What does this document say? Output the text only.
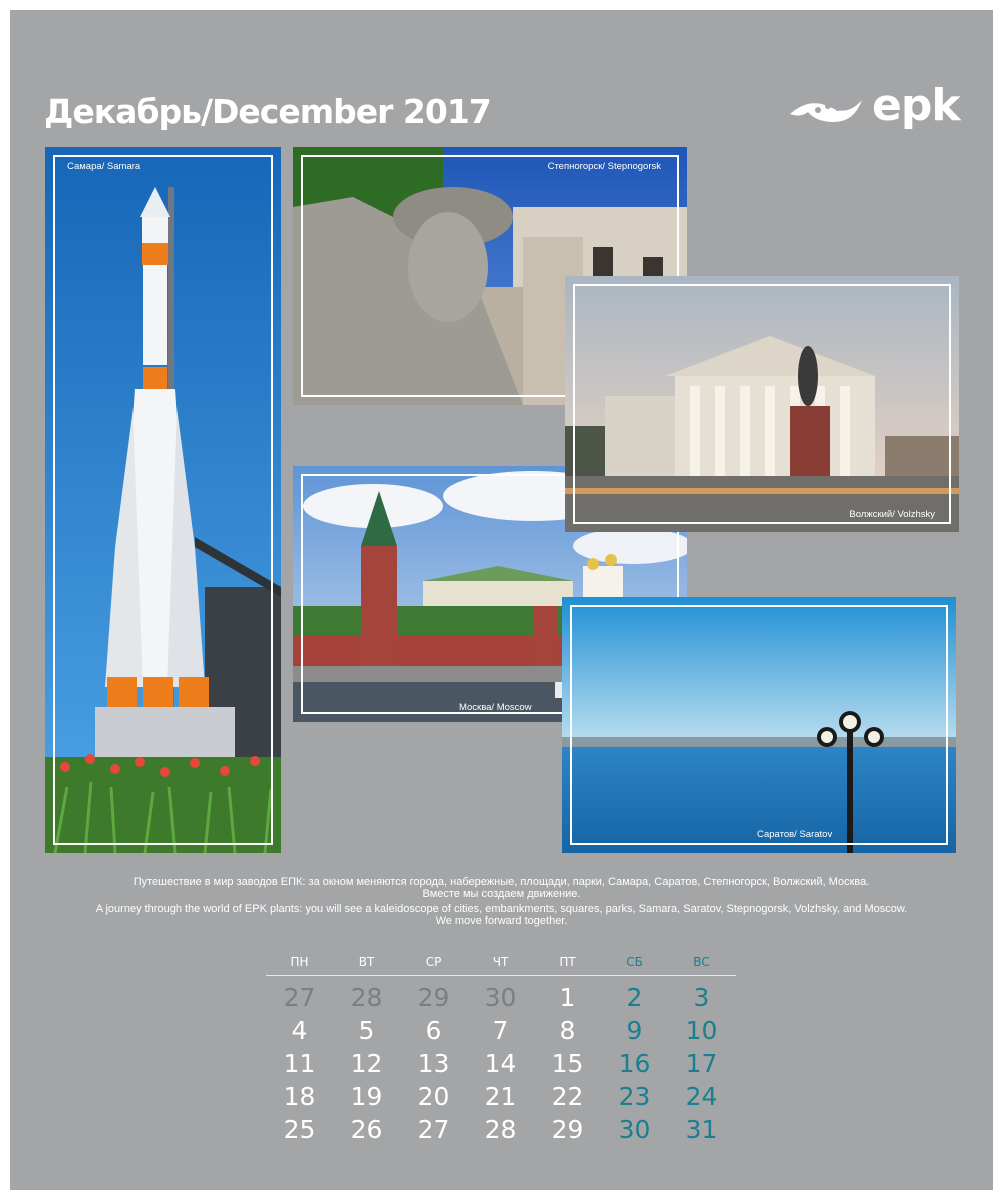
Декабрь/December 2017	epk
Самара/ Samara	Степногорск/ Stepnogorsk
Москва/ Moscow
Волжский/ Volzhsky
Саратов/ Saratov
Путешествие в мир заводов ЕПК: за окном меняются города, набережные, площади, парки, Самара, Саратов, Степногорск, Волжский, Москва.
Вместе мы создаем движение.
A journey through the world of EPK plants: you will see a kaleidoscope of cities, embankments, squares, parks, Samara, Saratov, Stepnogorsk, Volzhsky, and Moscow.
We move forward together.
ПН	ВТ	СР	ЧТ	ПТ	СБ	ВС
27	28	29	30	1	2	3
4	5	6	7	8	9	10
11	12	13	14	15	16	17
18	19	20	21	22	23	24
25	26	27	28	29	30	31
